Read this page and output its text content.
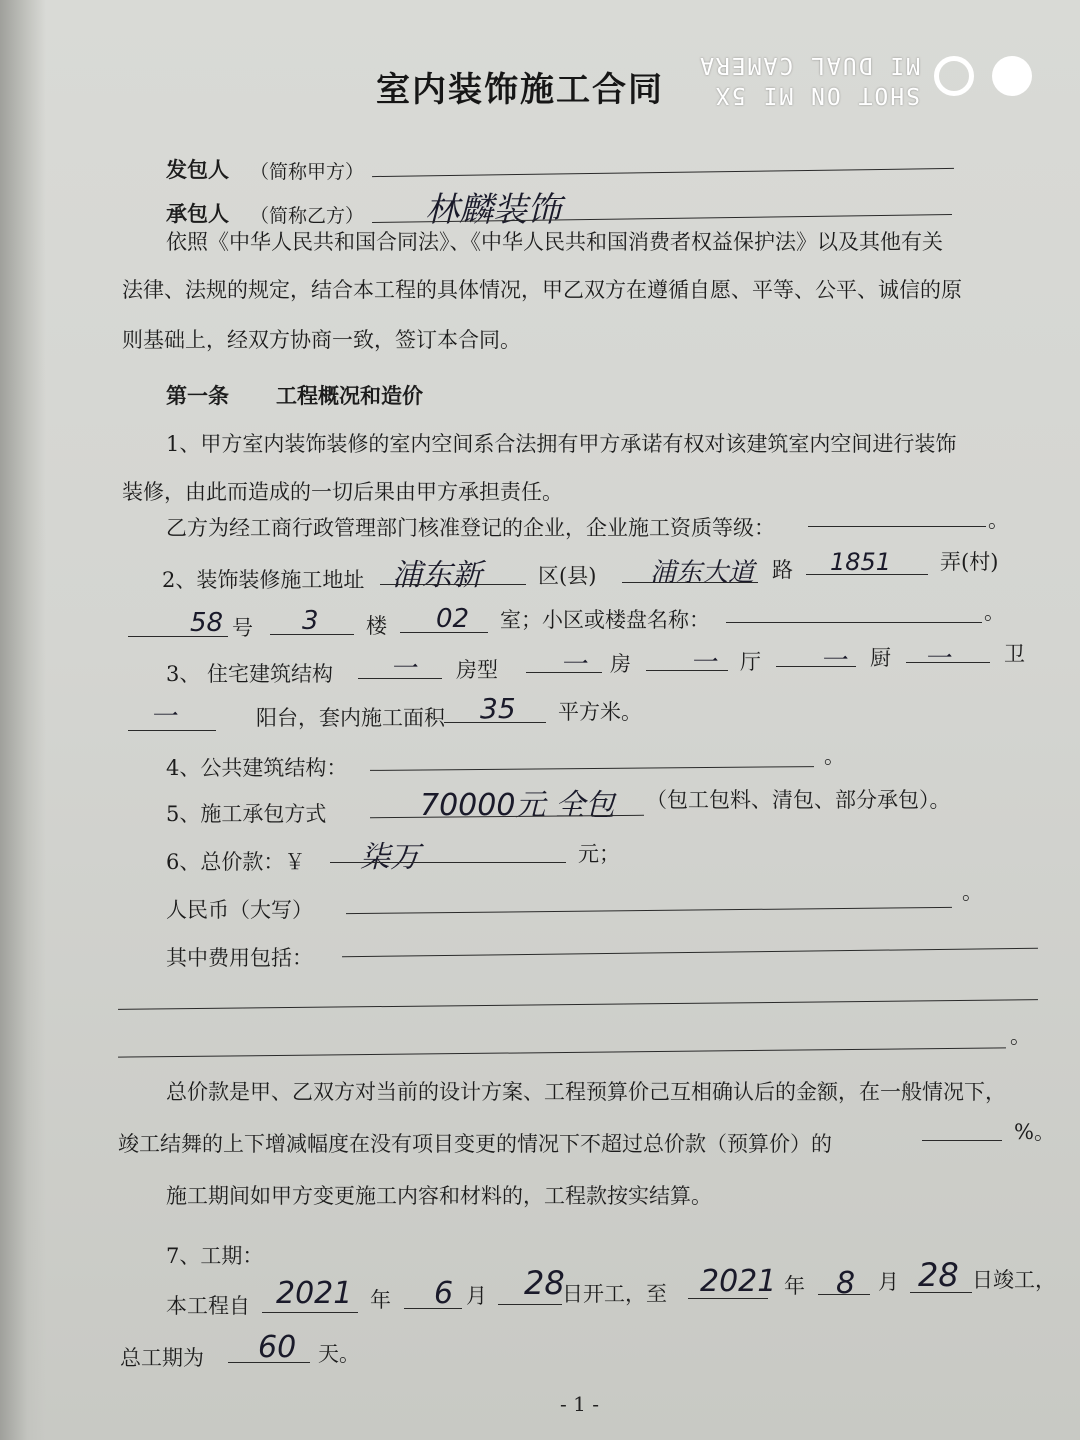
室内装饰施工合同	SHOT ON MI 5X
MI DUAL CAMERA
发包人 （简称甲方）
承包人 （简称乙方） 林麟装饰
依照《中华人民共和国合同法》、《中华人民共和国消费者权益保护法》以及其他有关
法律、法规的规定，结合本工程的具体情况，甲乙双方在遵循自愿、平等、公平、诚信的原
则基础上，经双方协商一致，签订本合同。
第一条 工程概况和造价
1、甲方室内装饰装修的室内空间系合法拥有甲方承诺有权对该建筑室内空间进行装饰
装修，由此而造成的一切后果由甲方承担责任。
乙方为经工商行政管理部门核准登记的企业，企业施工资质等级：	。
2、装饰装修施工地址 浦东新	区(县) 浦东大道 路 1851 弄(村)
58 号 3 楼 02 室；小区或楼盘名称：	。
3、 住宅建筑结构 一 房型 一 房 一 厅 一 厨 一	卫
一	阳台，套内施工面积 35 平方米。
4、公共建筑结构：	。
5、施工承包方式	70000元 全包 （包工包料、清包、部分承包）。
6、总价款：￥ 柒万	元；
人民币（大写）
。
其中费用包括：
。
总价款是甲、乙双方对当前的设计方案、工程预算价己互相确认后的金额，在一般情况下，
竣工结舞的上下增减幅度在没有项目变更的情况下不超过总价款（预算价）的	%。
施工期间如甲方变更施工内容和材料的，工程款按实结算。
7、工期：
本工程自 2021 年 6 月 28
日开工，至 2021 年 8 月 28 日竣工，
总工期为 60 天。
- 1 -
